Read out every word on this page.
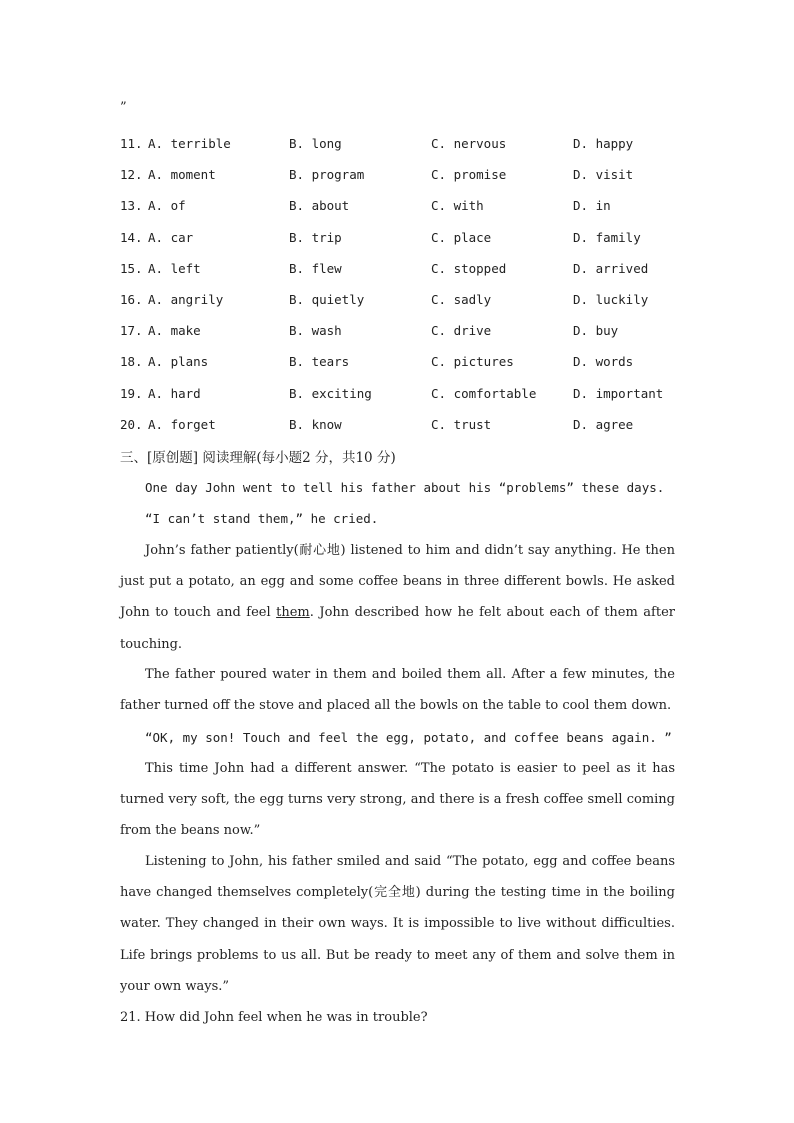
”
11. A. terrible	B. long	C. nervous	D. happy
12. A. moment	B. program	C. promise	D. visit
13. A. of	B. about	C. with	D. in
14. A. car	B. trip	C. place	D. family
15. A. left	B. flew	C. stopped	D. arrived
16. A. angrily	B. quietly	C. sadly	D. luckily
17. A. make	B. wash	C. drive	D. buy
18. A. plans	B. tears	C. pictures	D. words
19. A. hard	B. exciting	C. comfortable	D. important
20. A. forget	B. know	C. trust	D. agree
三、[原创题] 阅读理解(每小题2 分，共10 分)
One day John went to tell his father about his “problems” these days.
“I can’t stand them,” he cried.
John’s father patiently(耐心地) listened to him and didn’t say anything. He then just put a potato, an egg and some coffee beans in three different bowls. He asked John to touch and feel them. John described how he felt about each of them after touching.
The father poured water in them and boiled them all. After a few minutes, the father turned off the stove and placed all the bowls on the table to cool them down.
“OK, my son! Touch and feel the egg, potato, and coffee beans again. ”
This time John had a different answer. “The potato is easier to peel as it has turned very soft, the egg turns very strong, and there is a fresh coffee smell coming from the beans now.”
Listening to John, his father smiled and said “The potato, egg and coffee beans have changed themselves completely(完全地) during the testing time in the boiling water. They changed in their own ways. It is impossible to live without difficulties. Life brings problems to us all. But be ready to meet any of them and solve them in your own ways.”
21. How did John feel when he was in trouble?
